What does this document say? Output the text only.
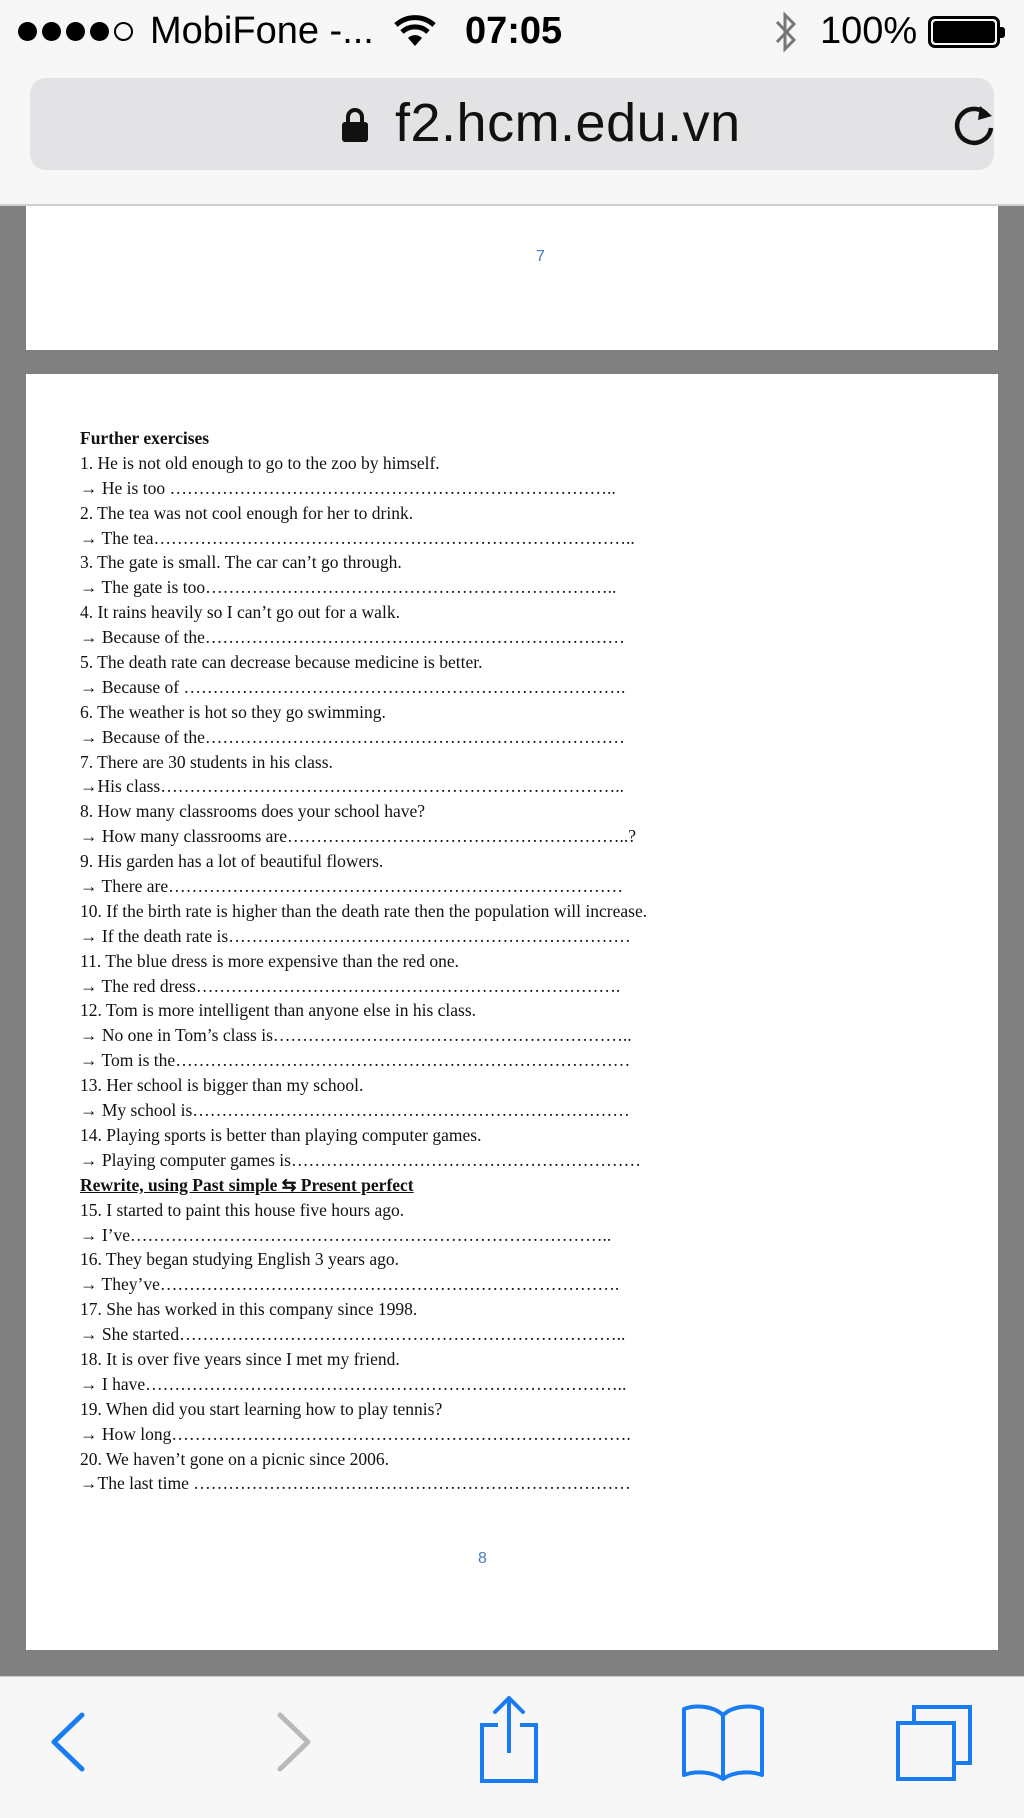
MobiFone -... 07:05	100%
f2.hcm.edu.vn
7
Further exercises
1. He is not old enough to go to the zoo by himself.
→ He is too …………………………………………………………………..
2. The tea was not cool enough for her to drink.
→ The tea………………………………………………………………………..
3. The gate is small. The car can’t go through.
→ The gate is too……………………………………………………………..
4. It rains heavily so I can’t go out for a walk.
→ Because of the………………………………………………………………
5. The death rate can decrease because medicine is better.
→ Because of ………………………………………………………………….
6. The weather is hot so they go swimming.
→ Because of the………………………………………………………………
7. There are 30 students in his class.
→His class……………………………………………………………………..
8. How many classrooms does your school have?
→ How many classrooms are…………………………………………………..?
9. His garden has a lot of beautiful flowers.
→ There are……………………………………………………………………
10. If the birth rate is higher than the death rate then the population will increase.
→ If the death rate is……………………………………………………………
11. The blue dress is more expensive than the red one.
→ The red dress……………………………………………………………….
12. Tom is more intelligent than anyone else in his class.
→ No one in Tom’s class is……………………………………………………..
→ Tom is the……………………………………………………………………
13. Her school is bigger than my school.
→ My school is…………………………………………………………………
14. Playing sports is better than playing computer games.
→ Playing computer games is……………………………………………………
Rewrite, using Past simple ⇆ Present perfect
15. I started to paint this house five hours ago.
→ I’ve………………………………………………………………………..
16. They began studying English 3 years ago.
→ They’ve…………………………………………………………………….
17. She has worked in this company since 1998.
→ She started…………………………………………………………………..
18. It is over five years since I met my friend.
→ I have………………………………………………………………………..
19. When did you start learning how to play tennis?
→ How long…………………………………………………………………….
20. We haven’t gone on a picnic since 2006.
→The last time …………………………………………………………………
8
